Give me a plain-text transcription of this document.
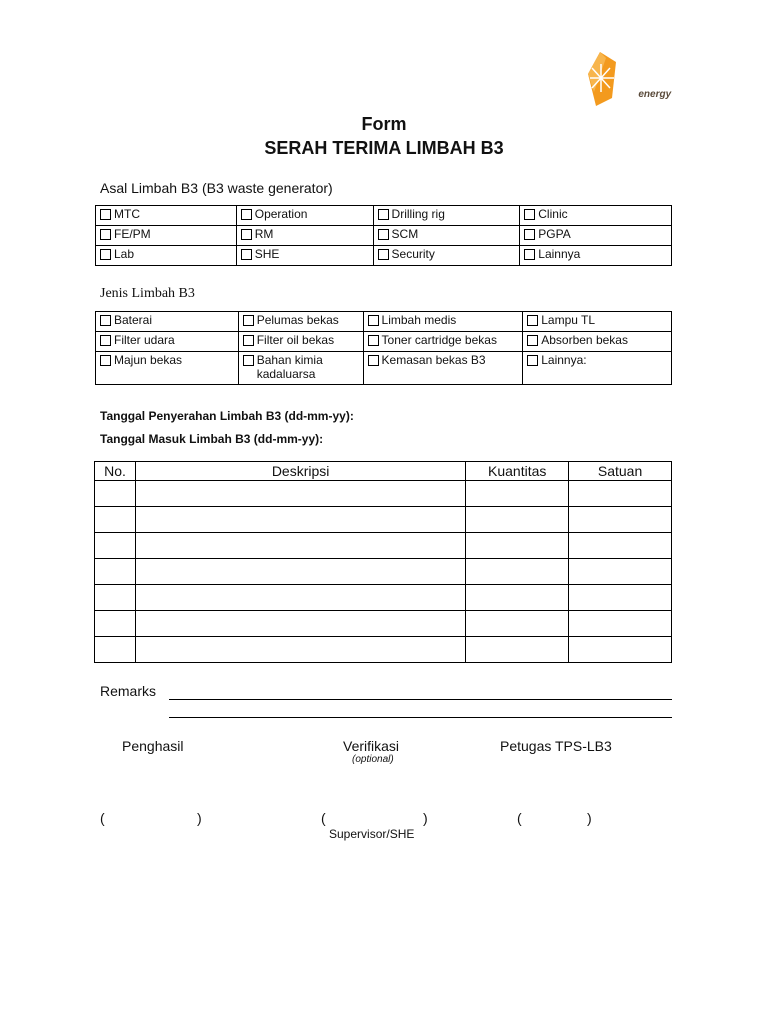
starenergy
Form
SERAH TERIMA LIMBAH B3
Asal Limbah B3 (B3 waste generator)
MTC	Operation	Drilling rig	Clinic

FE/PM	RM	SCM	PGPA

Lab	SHE	Security	Lainnya
Jenis Limbah B3
Baterai	Pelumas bekas	Limbah medis	Lampu TL

Filter udara	Filter oil bekas	Toner cartridge bekas	Absorben bekas

Majun bekas	Bahan kimia kadaluarsa	Kemasan bekas B3	Lainnya:
Tanggal Penyerahan Limbah B3 (dd-mm-yy):
Tanggal Masuk Limbah B3 (dd-mm-yy):
No.	Deskripsi	Kuantitas	Satuan

Remarks
Penghasil	Verifikasi
(optional)
Petugas TPS-LB3
(	)	(	)
Supervisor/SHE
(	)
